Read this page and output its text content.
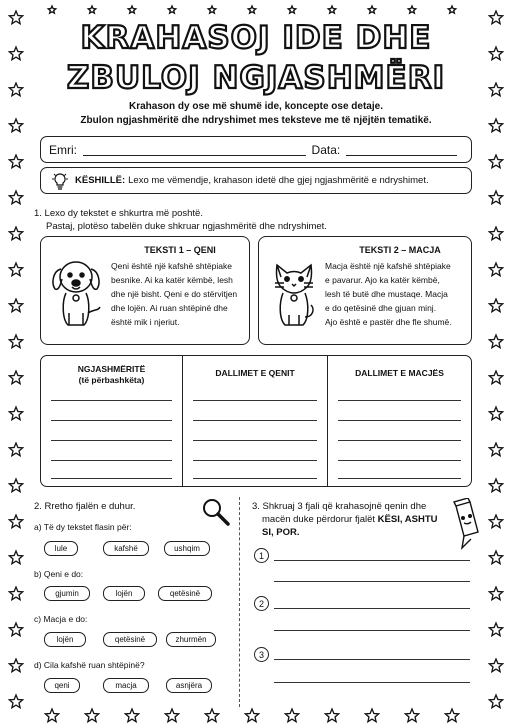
KRAHASOJ IDE DHE
ZBULOJ NGJASHMËRI
Krahason dy ose më shumë ide, koncepte ose detaje.
Zbulon ngjashmëritë dhe ndryshimet mes teksteve me të njëjtën tematikë.
Emri:	Data:
KËSHILLË: Lexo me vëmendje, krahason idetë dhe gjej ngjashmëritë e ndryshimet.
1. Lexo dy tekstet e shkurtra më poshtë.
Pastaj, plotëso tabelën duke shkruar ngjashmëritë dhe ndryshimet.
TEKSTI 1 – QENI
Qeni është një kafshë shtëpiake
besnike. Ai ka katër këmbë, lesh
dhe një bisht. Qeni e do stërvitjen
dhe lojën. Ai ruan shtëpinë dhe
është mik i njeriut.
TEKSTI 2 – MACJA
Macja është një kafshë shtëpiake
e pavarur. Ajo ka katër këmbë,
lesh të butë dhe mustaqe. Macja
e do qetësinë dhe gjuan minj.
Ajo është e pastër dhe fle shumë.
NGJASHMËRITË
(të përbashkëta)
DALLIMET E QENIT	DALLIMET E MACJËS
2. Rretho fjalën e duhur.
a) Të dy tekstet flasin për:
lule	kafshë	ushqim
b) Qeni e do:
gjumin	lojën	qetësinë
c) Macja e do:
lojën	qetësinë	zhurmën
d) Cila kafshë ruan shtëpinë?
qeni	macja	asnjëra
3. Shkruaj 3 fjali që krahasojnë qenin dhe
macën duke përdorur fjalët KËSI, ASHTU
SI, POR.
1
2
3
